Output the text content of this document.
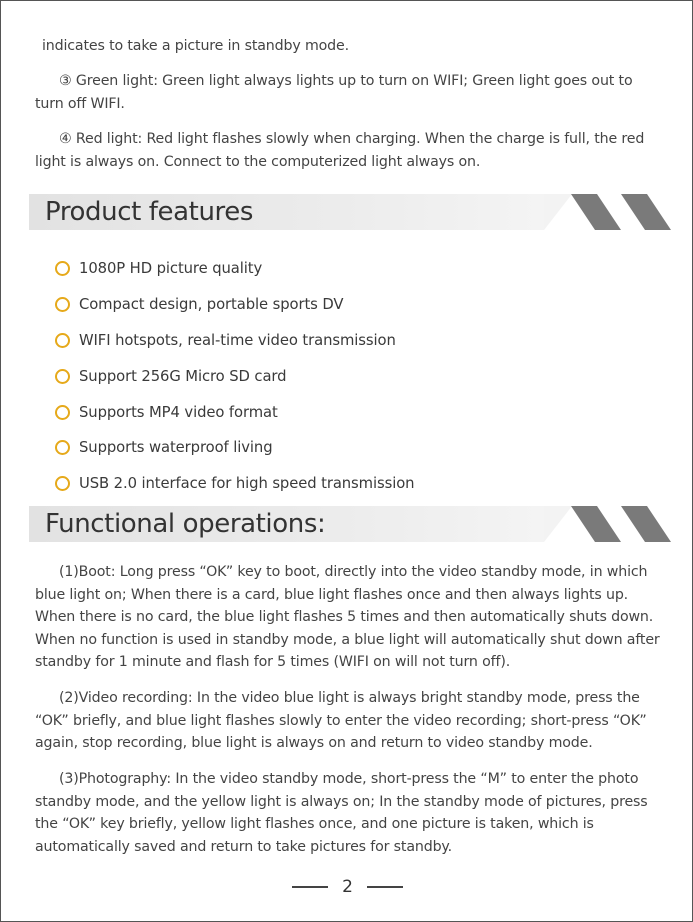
indicates to take a picture in standby mode.
③ Green light: Green light always lights up to turn on WIFI; Green light goes out to turn off WIFI.
④ Red light: Red light flashes slowly when charging. When the charge is full, the red light is always on. Connect to the computerized light always on.
Product features
1080P HD picture quality
Compact design, portable sports DV
WIFI hotspots, real-time video transmission
Support 256G Micro SD card
Supports MP4 video format
Supports waterproof living
USB 2.0 interface for high speed transmission
Functional operations:
(1)Boot: Long press “OK” key to boot, directly into the video standby mode, in which blue light on; When there is a card, blue light flashes once and then always lights up. When there is no card, the blue light flashes 5 times and then automatically shuts down. When no function is used in standby mode, a blue light will automatically shut down after standby for 1 minute and flash for 5 times (WIFI on will not turn off).
(2)Video recording: In the video blue light is always bright standby mode, press the “OK” briefly, and blue light flashes slowly to enter the video recording; short-press “OK” again, stop recording, blue light is always on and return to video standby mode.
(3)Photography: In the video standby mode, short-press the “M” to enter the photo standby mode, and the yellow light is always on; In the standby mode of pictures, press the “OK” key briefly, yellow light flashes once, and one picture is taken, which is automatically saved and return to take pictures for standby.
2
